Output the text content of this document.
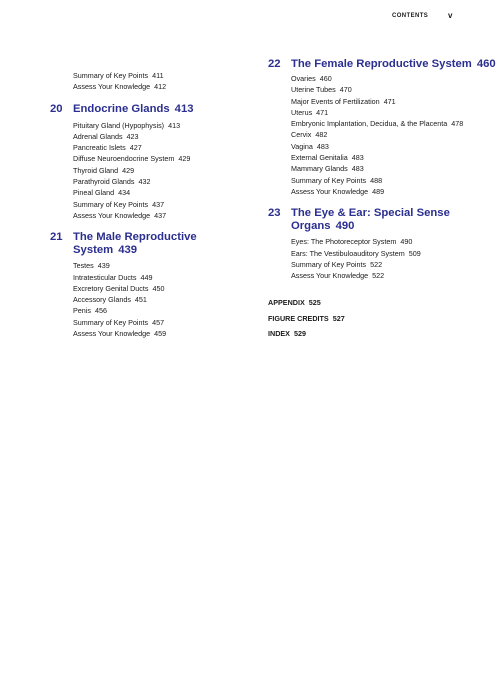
CONTENTS v
Summary of Key Points 411
Assess Your Knowledge 412
20 Endocrine Glands 413
Pituitary Gland (Hypophysis) 413
Adrenal Glands 423
Pancreatic Islets 427
Diffuse Neuroendocrine System 429
Thyroid Gland 429
Parathyroid Glands 432
Pineal Gland 434
Summary of Key Points 437
Assess Your Knowledge 437
21 The Male Reproductive
System 439
Testes 439
Intratesticular Ducts 449
Excretory Genital Ducts 450
Accessory Glands 451
Penis 456
Summary of Key Points 457
Assess Your Knowledge 459
22 The Female Reproductive System 460
Ovaries 460
Uterine Tubes 470
Major Events of Fertilization 471
Uterus 471
Embryonic Implantation, Decidua, & the Placenta 478
Cervix 482
Vagina 483
External Genitalia 483
Mammary Glands 483
Summary of Key Points 488
Assess Your Knowledge 489
23 The Eye & Ear: Special Sense
Organs 490
Eyes: The Photoreceptor System 490
Ears: The Vestibuloauditory System 509
Summary of Key Points 522
Assess Your Knowledge 522
APPENDIX 525
FIGURE CREDITS 527
INDEX 529
